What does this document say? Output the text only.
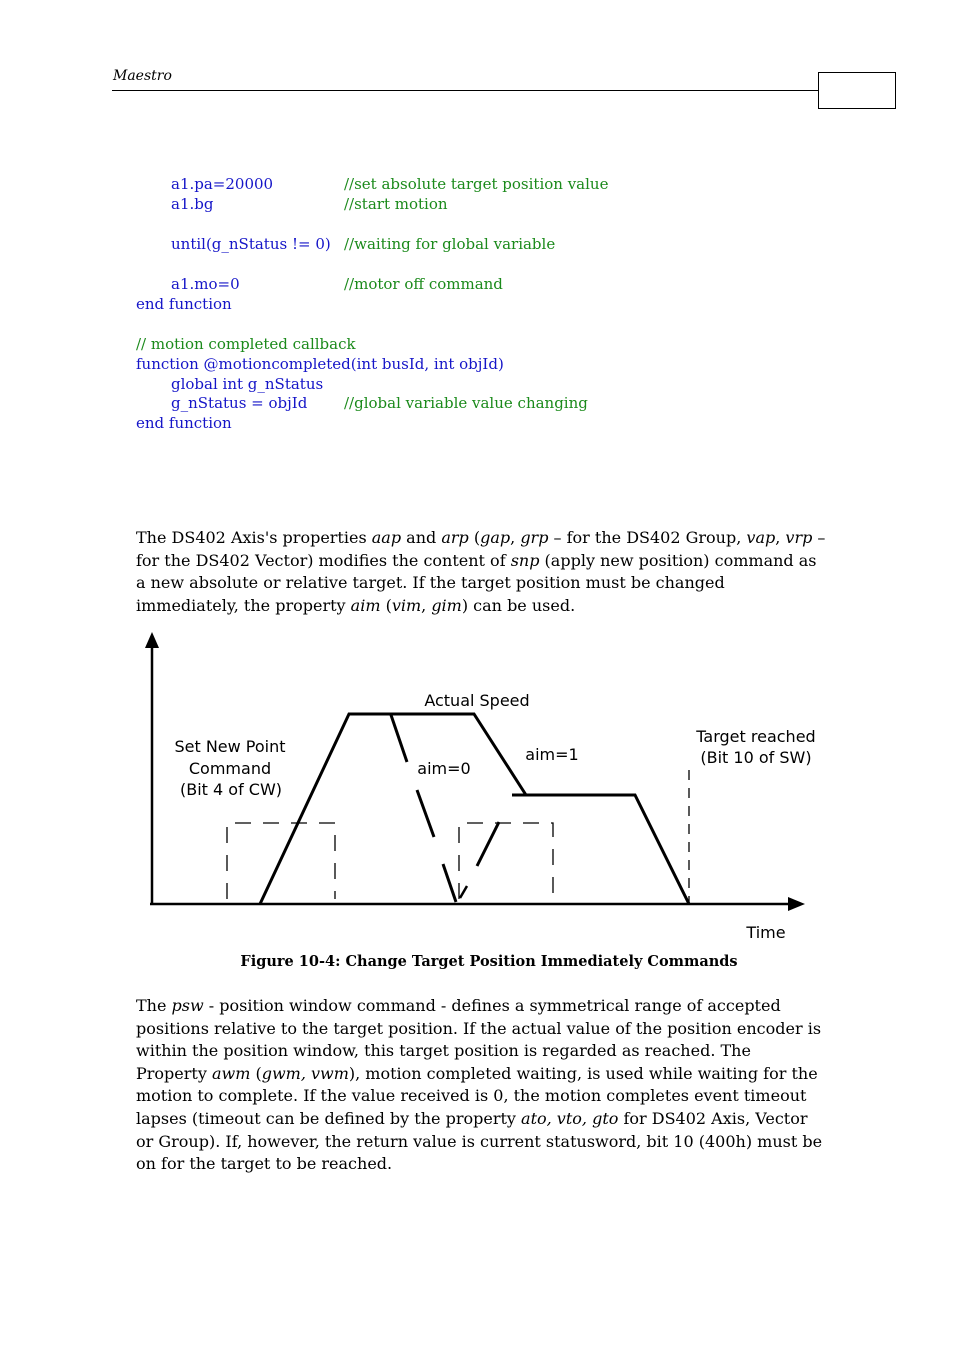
Maestro
a1.pa=20000	//set absolute target position value
a1.bg	//start motion
until(g_nStatus != 0) //waiting for global variable
a1.mo=0	//motor off command
end function
// motion completed callback
function @motioncompleted(int busId, int objId)
global int g_nStatus
g_nStatus = objId //global variable value changing
end function
The DS402 Axis's properties aap and arp (gap, grp – for the DS402 Group, vap, vrp – for the DS402 Vector) modifies the content of snp (apply new position) command as a new absolute or relative target. If the target position must be changed immediately, the property aim (vim, gim) can be used.
Actual Speed
Set New Point
Command
(Bit 4 of CW)
aim=0
aim=1
Target reached
(Bit 10 of SW)
Time
Figure 10-4: Change Target Position Immediately Commands
The psw - position window command - defines a symmetrical range of accepted positions relative to the target position. If the actual value of the position encoder is within the position window, this target position is regarded as reached. The Property awm (gwm, vwm), motion completed waiting, is used while waiting for the motion to complete. If the value received is 0, the motion completes event timeout lapses (timeout can be defined by the property ato, vto, gto for DS402 Axis, Vector or Group). If, however, the return value is current statusword, bit 10 (400h) must be on for the target to be reached.
